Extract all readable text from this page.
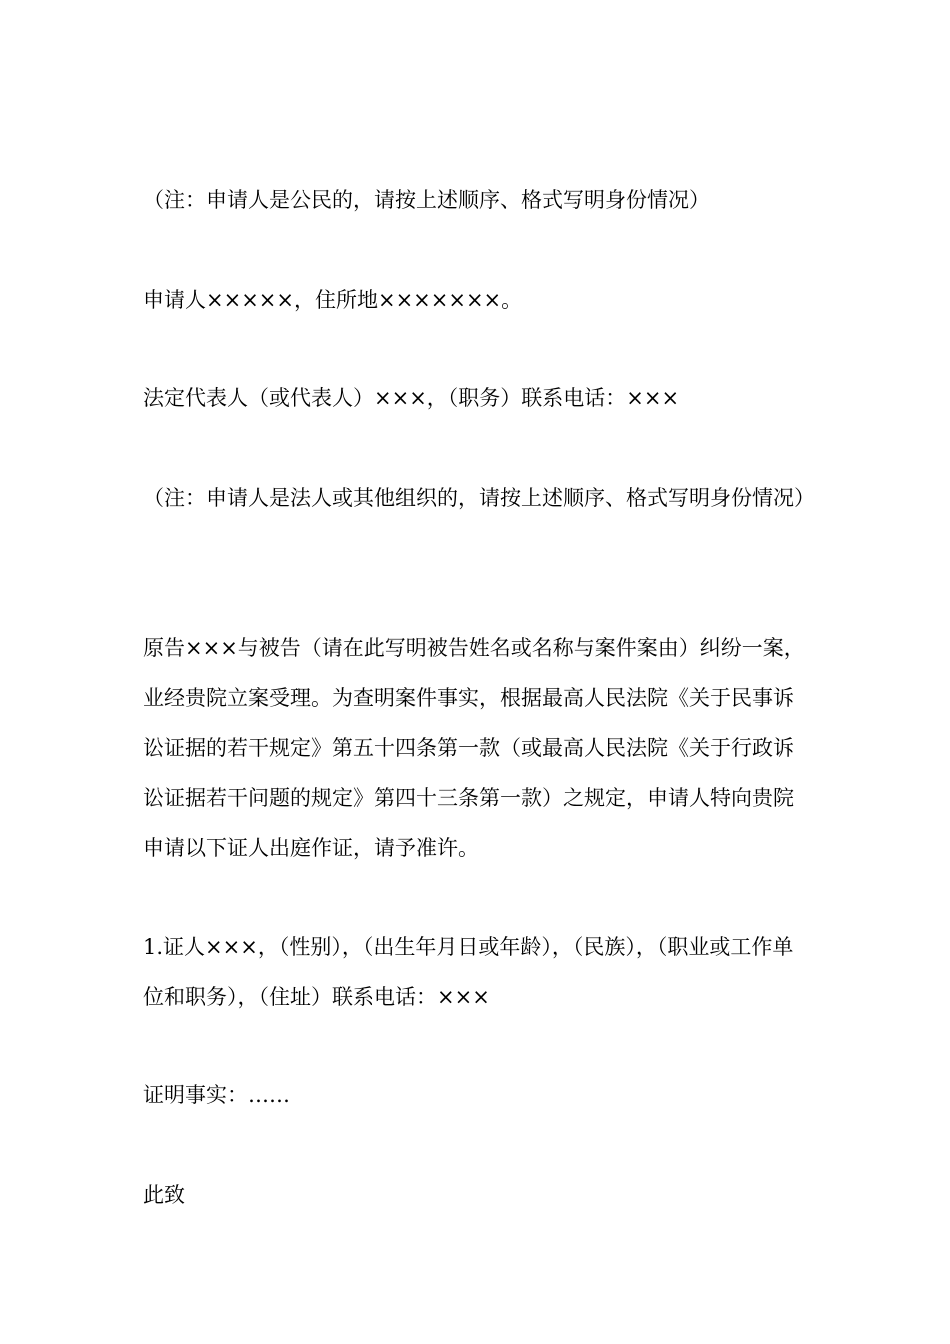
（注：申请人是公民的，请按上述顺序、格式写明身份情况）

申请人×××××，住所地×××××××。

法定代表人（或代表人）×××，（职务）联系电话：×××

（注：申请人是法人或其他组织的，请按上述顺序、格式写明身份情况）

原告×××与被告（请在此写明被告姓名或名称与案件案由）纠纷一案，业经贵院立案受理。为查明案件事实，根据最高人民法院《关于民事诉讼证据的若干规定》第五十四条第一款（或最高人民法院《关于行政诉讼证据若干问题的规定》第四十三条第一款）之规定，申请人特向贵院申请以下证人出庭作证，请予准许。

1.证人×××，（性别），（出生年月日或年龄），（民族），（职业或工作单位和职务），（住址）联系电话：×××

证明事实：……

此致
